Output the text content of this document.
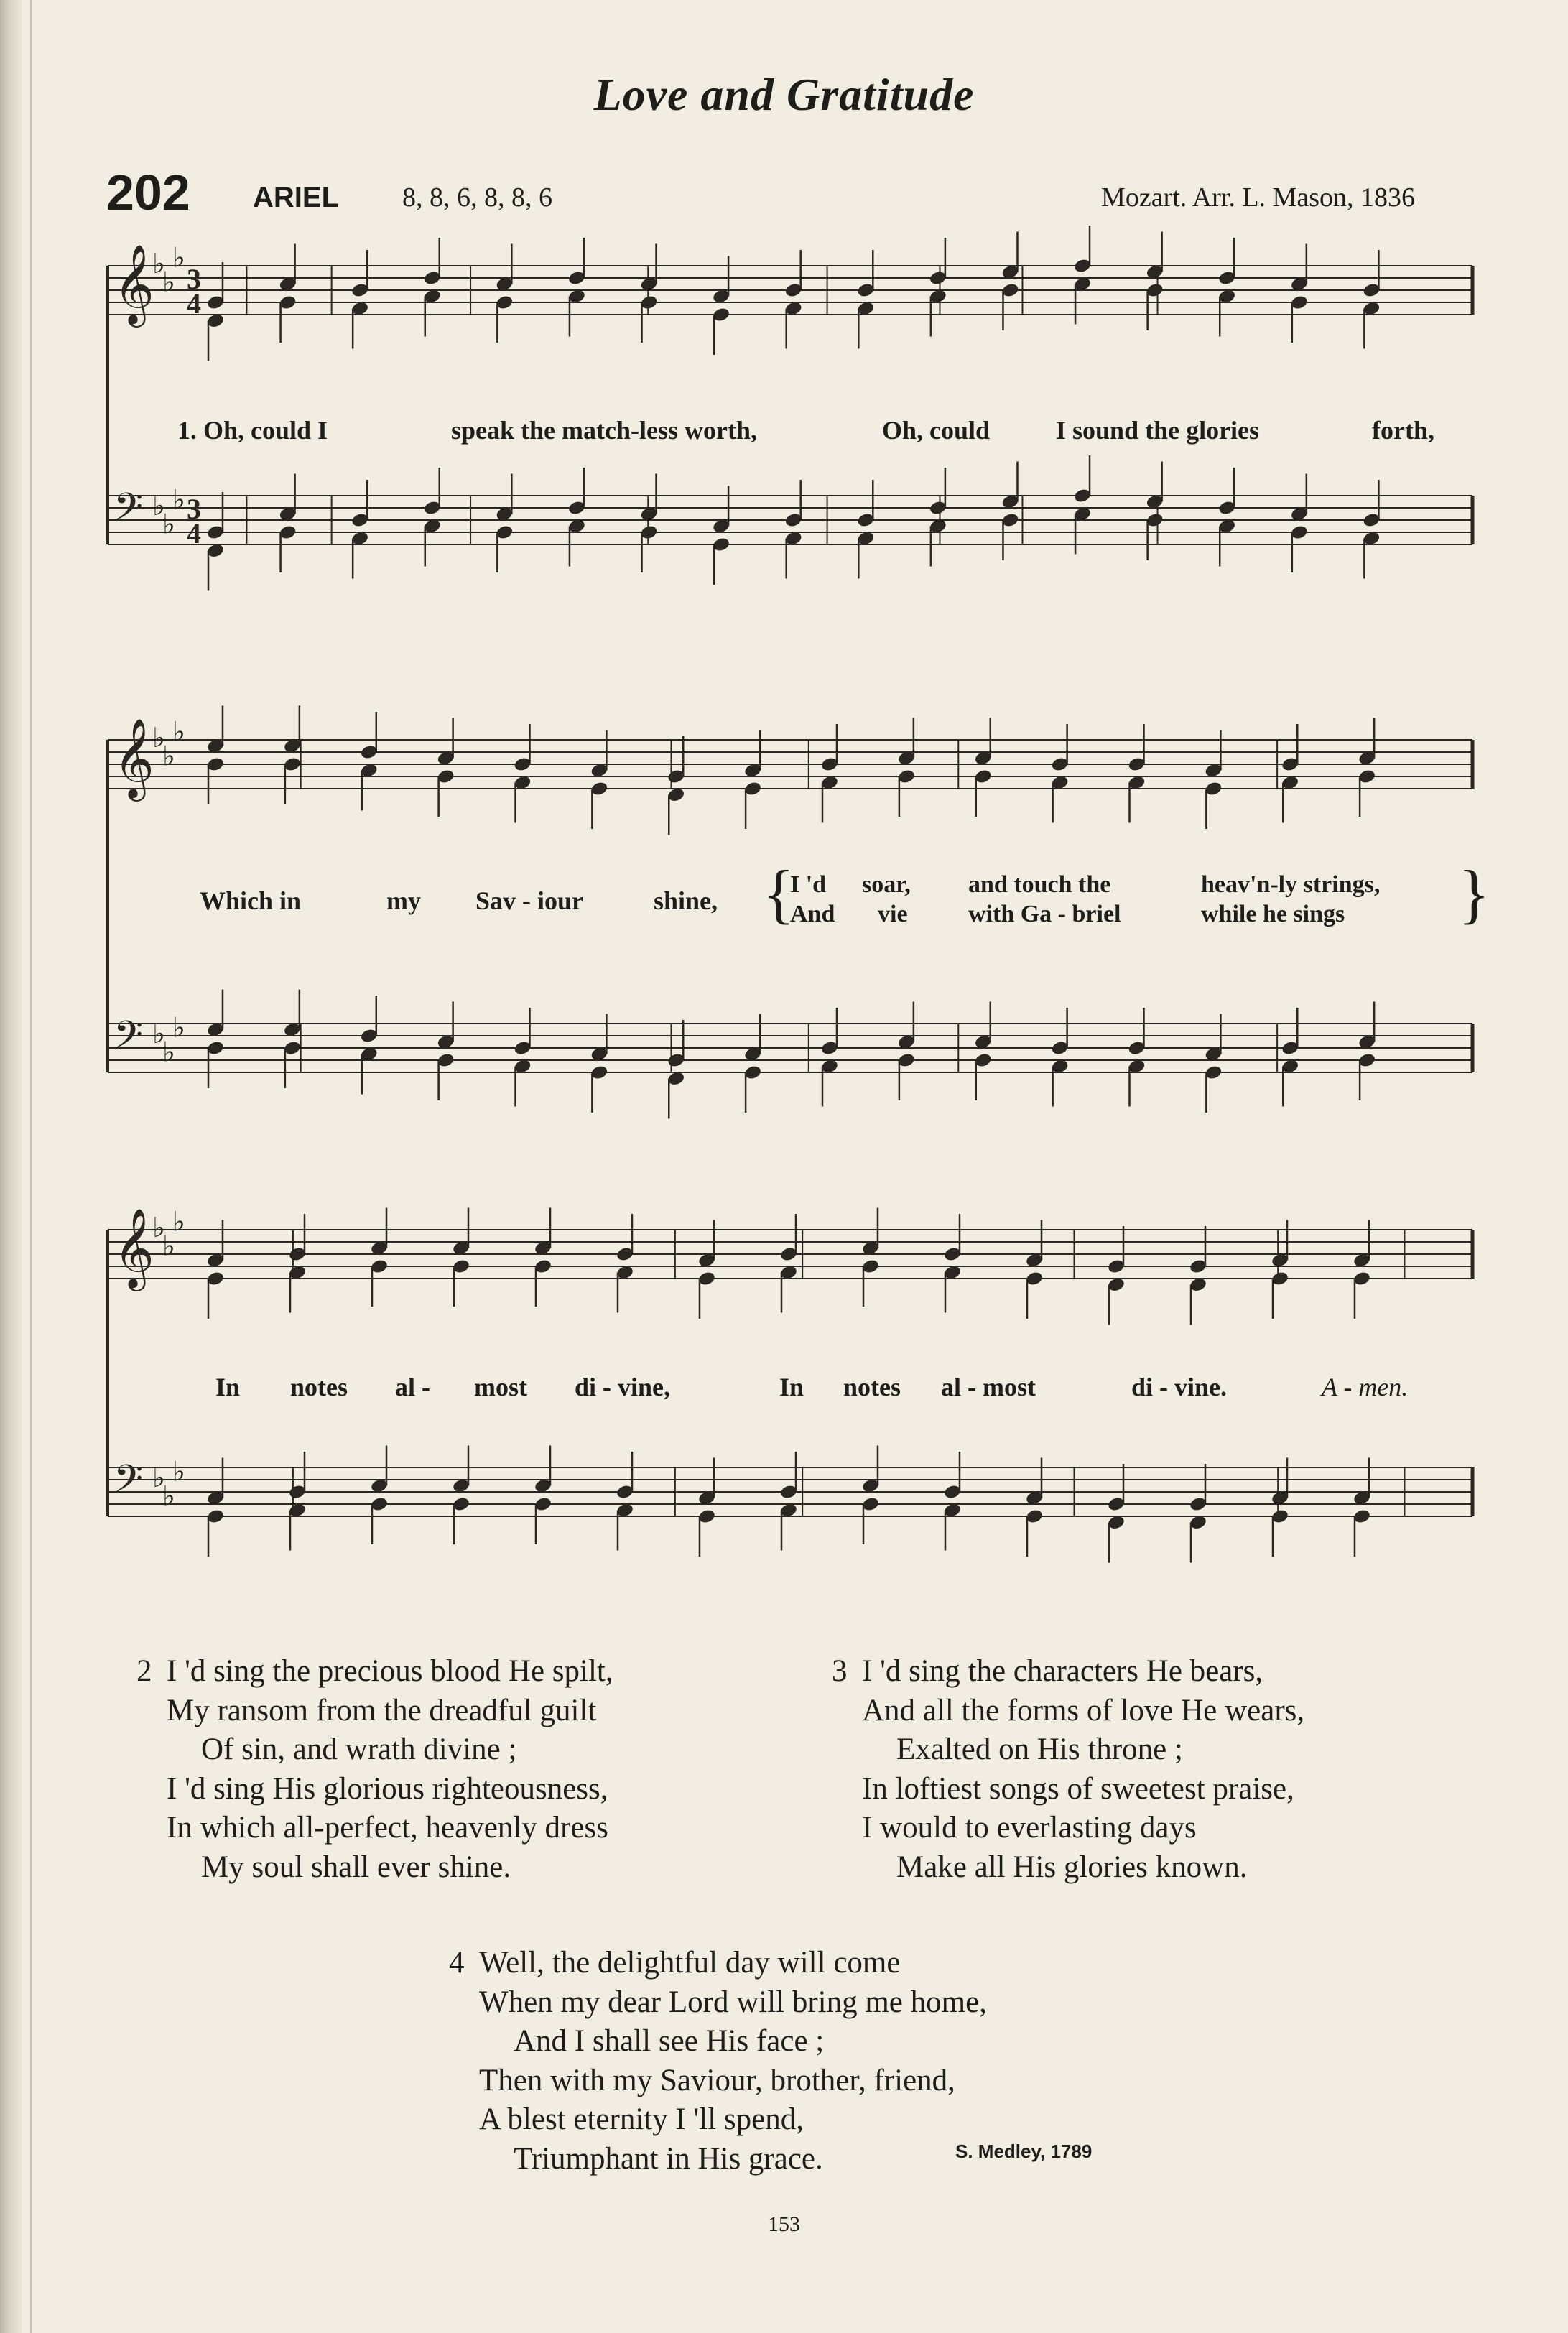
Love and Gratitude
202 ARIEL 8, 8, 6, 8, 8, 6	Mozart. Arr. L. Mason, 1836
𝄞
♭
♭
♭
3
4
𝄢 ♭
♭
♭ 3
4
𝄞
♭
♭
♭
𝄢 ♭
♭
♭
𝄞
♭
♭
♭
𝄢 ♭
♭
♭
1. Oh, could I	speak the match-less worth,	Oh, could	I sound the glories	forth,
Which in	my Sav - iour	shine, {
I 'd soar, and touch the	heav'n-ly strings,
And vie with Ga - briel	while he sings }
In notes al - most di - vine,	In notes al - most	di - vine.	A - men.
2 I 'd sing the precious blood He spilt,
My ransom from the dreadful guilt
Of sin, and wrath divine ;
I 'd sing His glorious righteousness,
In which all-perfect, heavenly dress
My soul shall ever shine.
3 I 'd sing the characters He bears,
And all the forms of love He wears,
Exalted on His throne ;
In loftiest songs of sweetest praise,
I would to everlasting days
Make all His glories known.
4 Well, the delightful day will come
When my dear Lord will bring me home,
And I shall see His face ;
Then with my Saviour, brother, friend,
A blest eternity I 'll spend,
Triumphant in His grace.	S. Medley, 1789
153
